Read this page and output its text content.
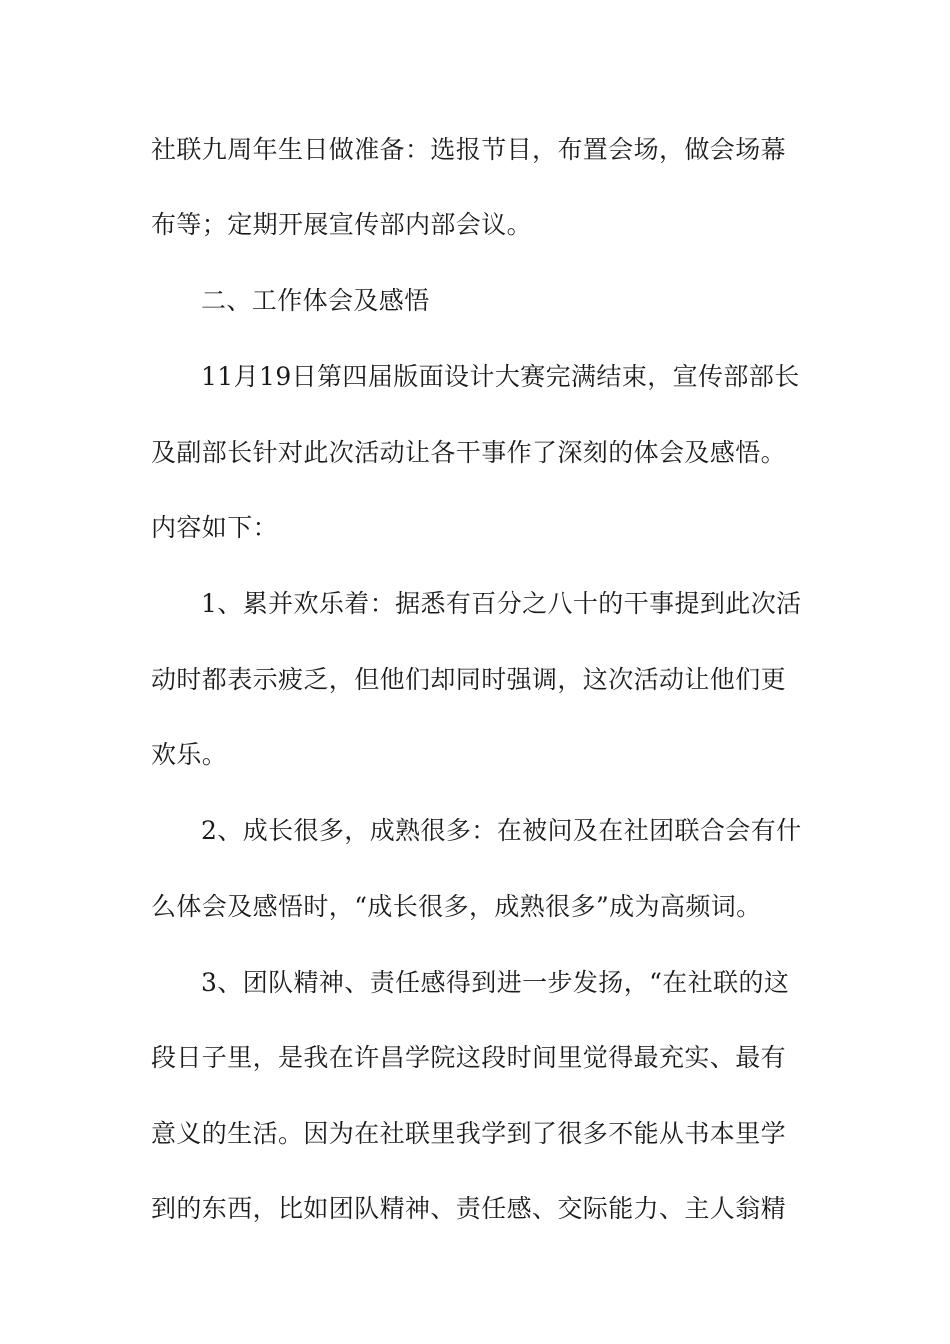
社联九周年生日做准备：选报节目，布置会场，做会场幕
布等；定期开展宣传部内部会议。
二、工作体会及感悟
11月19日第四届版面设计大赛完满结束，宣传部部长
及副部长针对此次活动让各干事作了深刻的体会及感悟。
内容如下：
1、累并欢乐着：据悉有百分之八十的干事提到此次活
动时都表示疲乏，但他们却同时强调，这次活动让他们更
欢乐。
2、成长很多，成熟很多：在被问及在社团联合会有什
么体会及感悟时，“成长很多，成熟很多”成为高频词。
3、团队精神、责任感得到进一步发扬，“在社联的这
段日子里，是我在许昌学院这段时间里觉得最充实、最有
意义的生活。因为在社联里我学到了很多不能从书本里学
到的东西，比如团队精神、责任感、交际能力、主人翁精
